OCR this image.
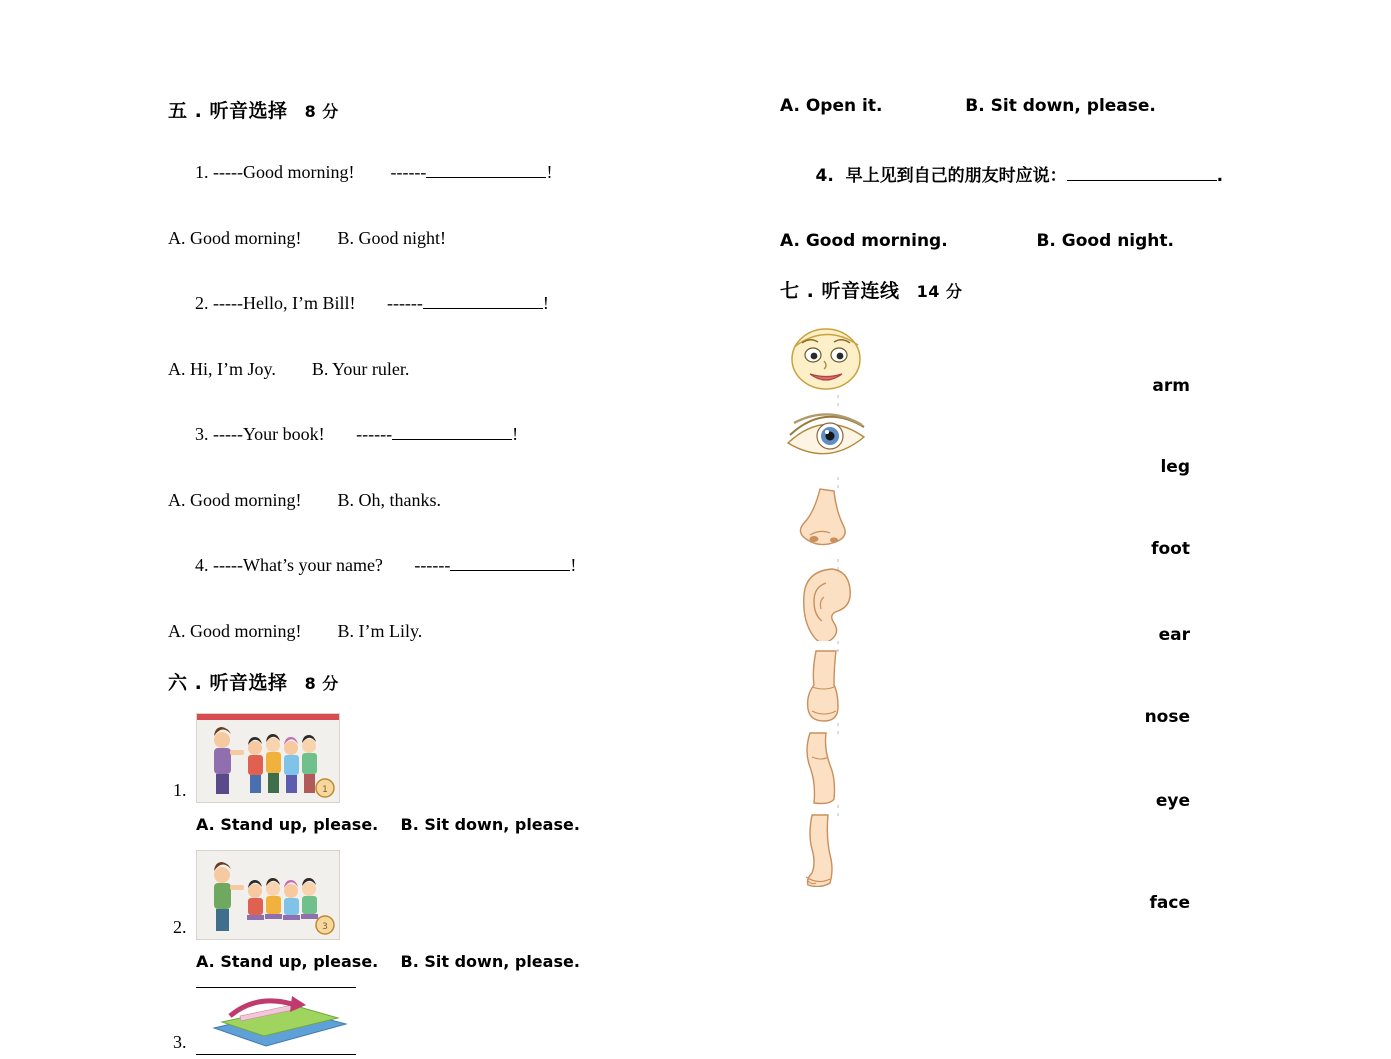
五 . 听音选择 8 分

1. -----Good morning!        ------	!

A. Good morning!        B. Good night!

2. -----Hello, I’m Bill!       ------	!

A. Hi, I’m Joy.        B. Your ruler.

3. -----Your book!       ------	!

A. Good morning!        B. Oh, thanks.

4. -----What’s your name?       ------	!

A. Good morning!        B. I’m Lily.
六 . 听音选择 8 分
1.	1
A. Stand up, please.    B. Sit down, please.
2.	3
A. Stand up, please.    B. Sit down, please.
3.
A. Open it.              B. Sit down, please.

4.  早上见到自己的朋友时应说：	.

A. Good morning.               B. Good night.
七 . 听音连线 14 分
arm
leg
foot
ear
nose
eye
face
